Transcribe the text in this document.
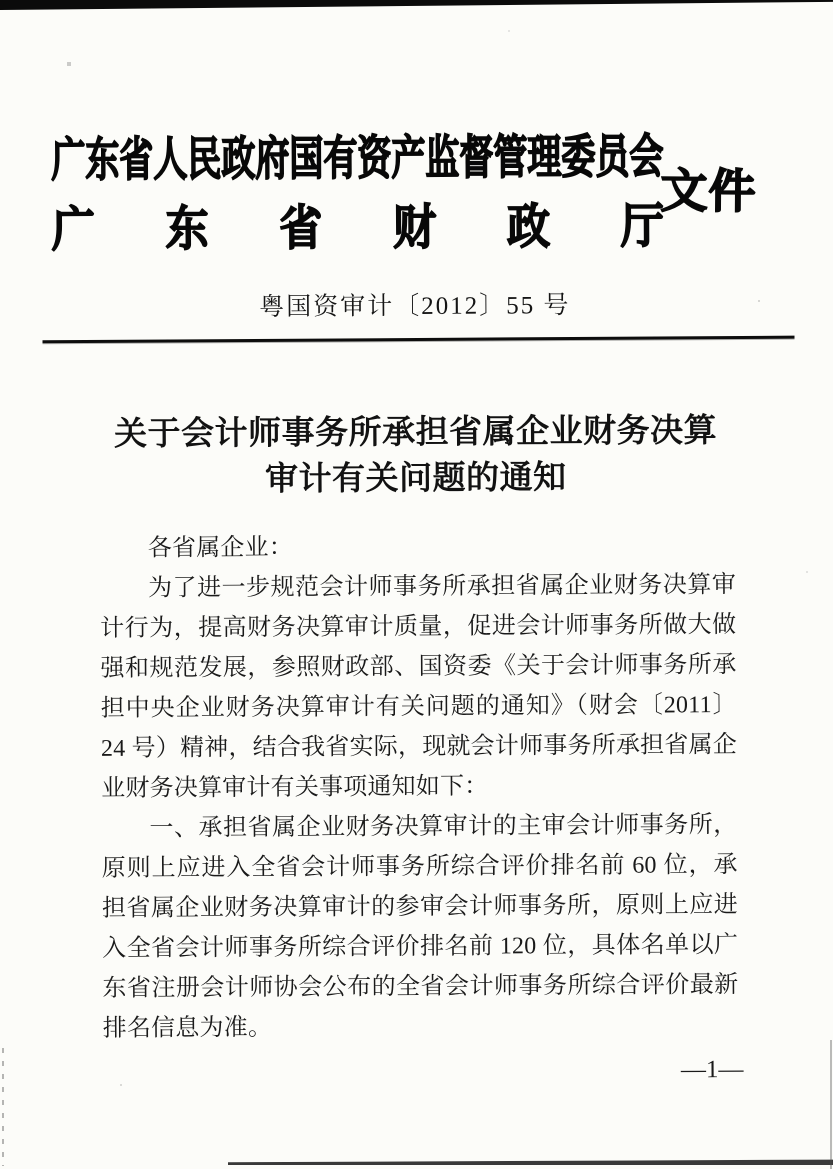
广东省人民政府国有资产监督管理委员会
广 东 省 财 政 厅
文件
粤国资审计〔2012〕55 号
关于会计师事务所承担省属企业财务决算
审计有关问题的通知

各省属企业：

为了进一步规范会计师事务所承担省属企业财务决算审计行为，提高财务决算审计质量，促进会计师事务所做大做强和规范发展，参照财政部、国资委《关于会计师事务所承担中央企业财务决算审计有关问题的通知》（财会〔2011〕24 号）精神，结合我省实际，现就会计师事务所承担省属企业财务决算审计有关事项通知如下：

一、承担省属企业财务决算审计的主审会计师事务所，原则上应进入全省会计师事务所综合评价排名前 60 位，承担省属企业财务决算审计的参审会计师事务所，原则上应进入全省会计师事务所综合评价排名前 120 位，具体名单以广东省注册会计师协会公布的全省会计师事务所综合评价最新排名信息为准。

—1—
